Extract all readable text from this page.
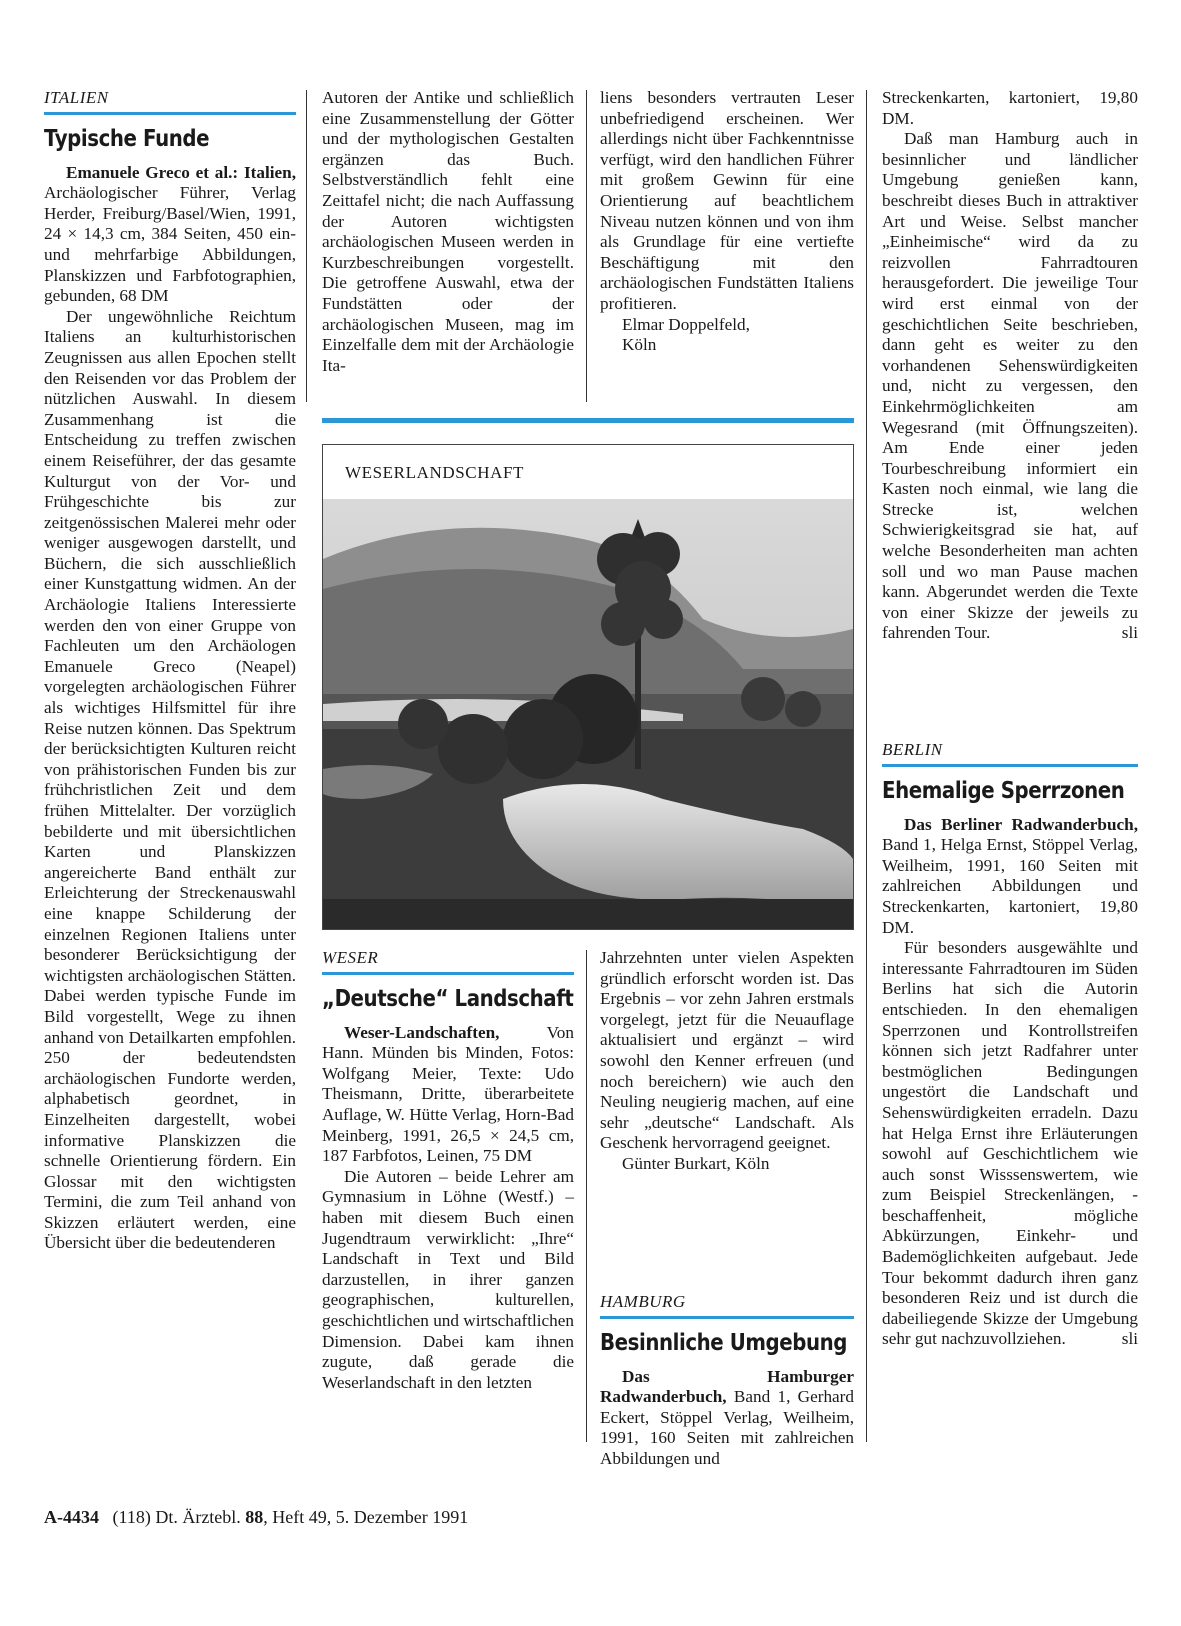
ITALIEN
Typische Funde

Emanuele Greco et al.: Italien, Archäologischer Führer, Verlag Herder, Freiburg/Basel/Wien, 1991, 24 × 14,3 cm, 384 Seiten, 450 ein- und mehrfarbige Abbildungen, Planskizzen und Farbfotographien, gebunden, 68 DM

Der ungewöhnliche Reichtum Italiens an kulturhistorischen Zeugnissen aus allen Epochen stellt den Reisenden vor das Problem der nützlichen Auswahl. In diesem Zusammenhang ist die Entscheidung zu treffen zwischen einem Reiseführer, der das gesamte Kulturgut von der Vor- und Frühgeschichte bis zur zeitgenössischen Malerei mehr oder weniger ausgewogen darstellt, und Büchern, die sich ausschließlich einer Kunstgattung widmen. An der Archäologie Italiens Interessierte werden den von einer Gruppe von Fachleuten um den Archäologen Emanuele Greco (Neapel) vorgelegten archäologischen Führer als wichtiges Hilfsmittel für ihre Reise nutzen können. Das Spektrum der berücksichtigten Kulturen reicht von prähistorischen Funden bis zur frühchristlichen Zeit und dem frühen Mittelalter. Der vorzüglich bebilderte und mit übersichtlichen Karten und Planskizzen angereicherte Band enthält zur Erleichterung der Streckenauswahl eine knappe Schilderung der einzelnen Regionen Italiens unter besonderer Berücksichtigung der wichtigsten archäologischen Stätten. Dabei werden typische Funde im Bild vorgestellt, Wege zu ihnen anhand von Detailkarten empfohlen. 250 der bedeutendsten archäologischen Fundorte werden, alphabetisch geordnet, in Einzelheiten dargestellt, wobei informative Planskizzen die schnelle Orientierung fördern. Ein Glossar mit den wichtigsten Termini, die zum Teil anhand von Skizzen erläutert werden, eine Übersicht über die bedeutenderen

Autoren der Antike und schließlich eine Zusammenstellung der Götter und der mythologischen Gestalten ergänzen das Buch. Selbstverständlich fehlt eine Zeittafel nicht; die nach Auffassung der Autoren wichtigsten archäologischen Museen werden in Kurzbeschreibungen vorgestellt. Die getroffene Auswahl, etwa der Fundstätten oder der archäologischen Museen, mag im Einzelfalle dem mit der Archäologie Ita-

liens besonders vertrauten Leser unbefriedigend erscheinen. Wer allerdings nicht über Fachkenntnisse verfügt, wird den handlichen Führer mit großem Gewinn für eine Orientierung auf beachtlichem Niveau nutzen können und von ihm als Grundlage für eine vertiefte Beschäftigung mit den archäologischen Fundstätten Italiens profitieren.

Elmar Doppelfeld,

Köln

WESERLANDSCHAFT
WESER
„Deutsche“ Landschaft

Weser-Landschaften, Von Hann. Münden bis Minden, Fotos: Wolfgang Meier, Texte: Udo Theismann, Dritte, überarbeitete Auflage, W. Hütte Verlag, Horn-Bad Meinberg, 1991, 26,5 × 24,5 cm, 187 Farbfotos, Leinen, 75 DM

Die Autoren – beide Lehrer am Gymnasium in Löhne (Westf.) – haben mit diesem Buch einen Jugendtraum verwirklicht: „Ihre“ Landschaft in Text und Bild darzustellen, in ihrer ganzen geographischen, kulturellen, geschichtlichen und wirtschaftlichen Dimension. Dabei kam ihnen zugute, daß gerade die Weserlandschaft in den letzten

Jahrzehnten unter vielen Aspekten gründlich erforscht worden ist. Das Ergebnis – vor zehn Jahren erstmals vorgelegt, jetzt für die Neuauflage aktualisiert und ergänzt – wird sowohl den Kenner erfreuen (und noch bereichern) wie auch den Neuling neugierig machen, auf eine sehr „deutsche“ Landschaft. Als Geschenk hervorragend geeignet.

Günter Burkart, Köln

HAMBURG
Besinnliche Umgebung

Das Hamburger Radwanderbuch, Band 1, Gerhard Eckert, Stöppel Verlag, Weilheim, 1991, 160 Seiten mit zahlreichen Abbildungen und

Streckenkarten, kartoniert, 19,80 DM.

Daß man Hamburg auch in besinnlicher und ländlicher Umgebung genießen kann, beschreibt dieses Buch in attraktiver Art und Weise. Selbst mancher „Einheimische“ wird da zu reizvollen Fahrradtouren herausgefordert. Die jeweilige Tour wird erst einmal von der geschichtlichen Seite beschrieben, dann geht es weiter zu den vorhandenen Sehenswürdigkeiten und, nicht zu vergessen, den Einkehrmöglichkeiten am Wegesrand (mit Öffnungszeiten). Am Ende einer jeden Tourbeschreibung informiert ein Kasten noch einmal, wie lang die Strecke ist, welchen Schwierigkeitsgrad sie hat, auf welche Besonderheiten man achten soll und wo man Pause machen kann. Abgerundet werden die Texte von einer Skizze der jeweils zu fahrenden Tour.	sli

BERLIN
Ehemalige Sperrzonen

Das Berliner Radwanderbuch, Band 1, Helga Ernst, Stöppel Verlag, Weilheim, 1991, 160 Seiten mit zahlreichen Abbildungen und Streckenkarten, kartoniert, 19,80 DM.

Für besonders ausgewählte und interessante Fahrradtouren im Süden Berlins hat sich die Autorin entschieden. In den ehemaligen Sperrzonen und Kontrollstreifen können sich jetzt Radfahrer unter bestmöglichen Bedingungen ungestört die Landschaft und Sehenswürdigkeiten erradeln. Dazu hat Helga Ernst ihre Erläuterungen sowohl auf Geschichtlichem wie auch sonst Wisssenswertem, wie zum Beispiel Streckenlängen, -beschaffenheit, mögliche Abkürzungen, Einkehr- und Bademöglichkeiten aufgebaut. Jede Tour bekommt dadurch ihren ganz besonderen Reiz und ist durch die dabeiliegende Skizze der Umgebung sehr gut nachzuvollziehen.	sli

A-4434 (118) Dt. Ärztebl. 88, Heft 49, 5. Dezember 1991
